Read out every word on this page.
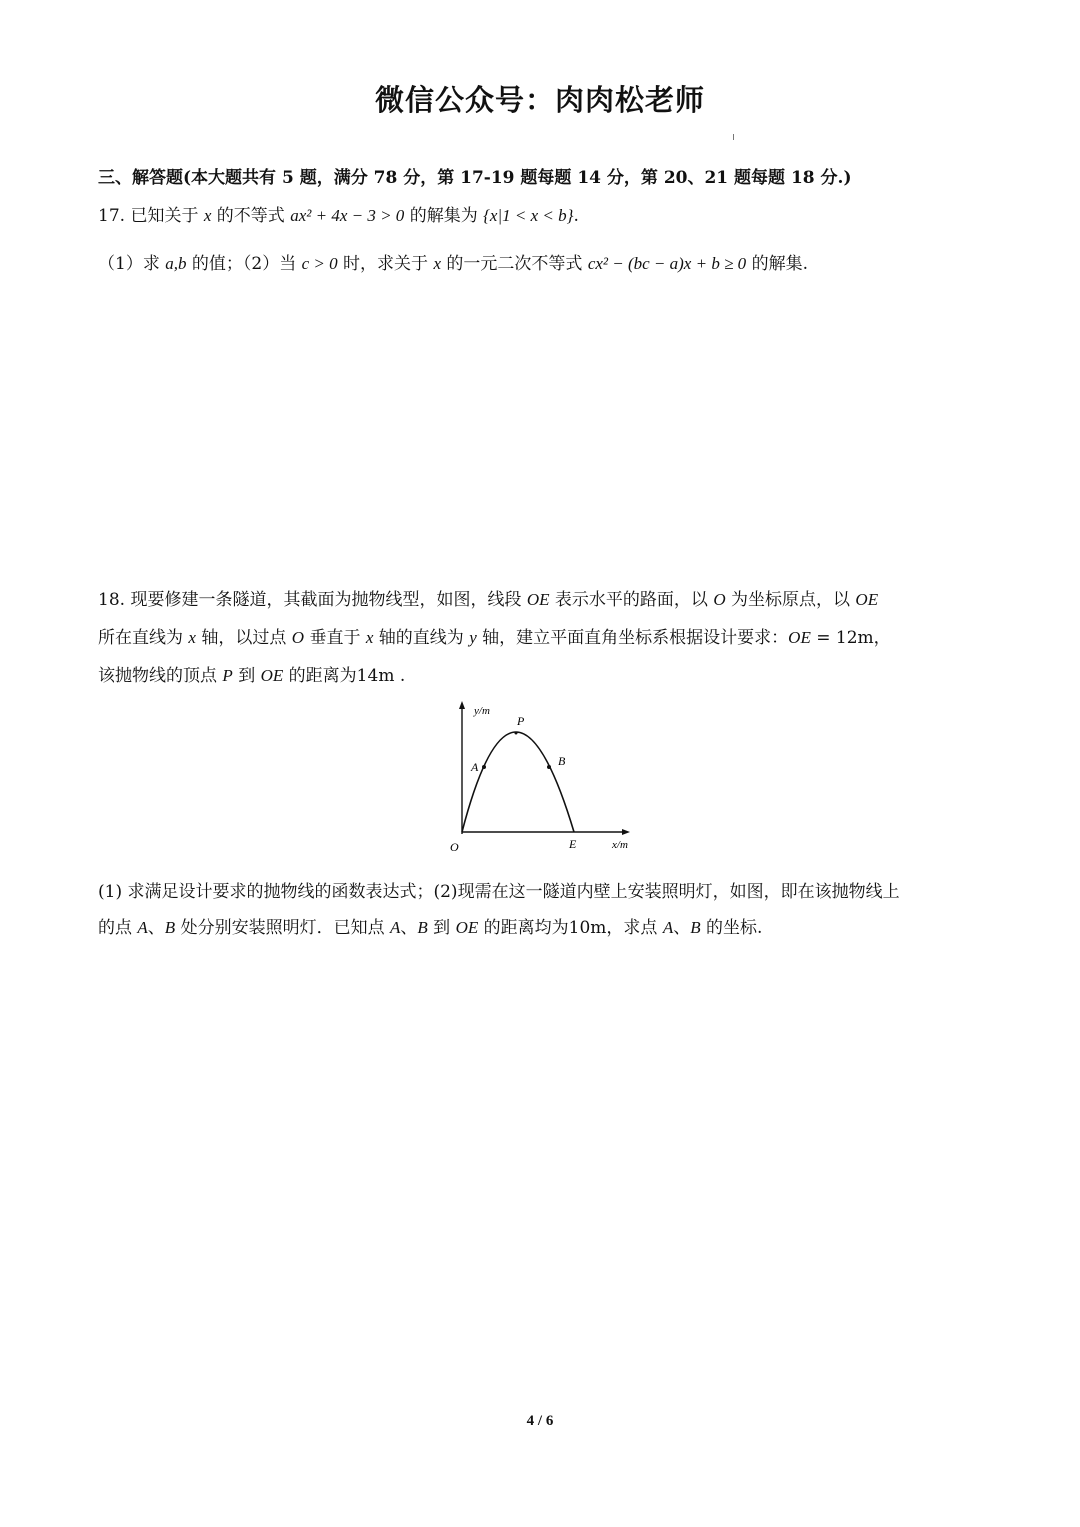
微信公众号：肉肉松老师
三、解答题(本大题共有 5 题，满分 78 分，第 17-19 题每题 14 分，第 20、21 题每题 18 分.)
17. 已知关于 x 的不等式 ax² + 4x − 3 > 0 的解集为 {x|1 < x < b}.
（1）求 a,b 的值；（2）当 c > 0 时，求关于 x 的一元二次不等式 cx² − (bc − a)x + b ≥ 0 的解集.
18. 现要修建一条隧道，其截面为抛物线型，如图，线段 OE 表示水平的路面，以 O 为坐标原点，以 OE
所在直线为 x 轴，以过点 O 垂直于 x 轴的直线为 y 轴，建立平面直角坐标系根据设计要求：OE = 12m，
该抛物线的顶点 P 到 OE 的距离为14m .
y/m
x/m
O
P
A	B
E
(1) 求满足设计要求的抛物线的函数表达式；(2)现需在这一隧道内壁上安装照明灯，如图，即在该抛物线上
的点 A、B 处分别安装照明灯．已知点 A、B 到 OE 的距离均为10m，求点 A、B 的坐标.
4 / 6
